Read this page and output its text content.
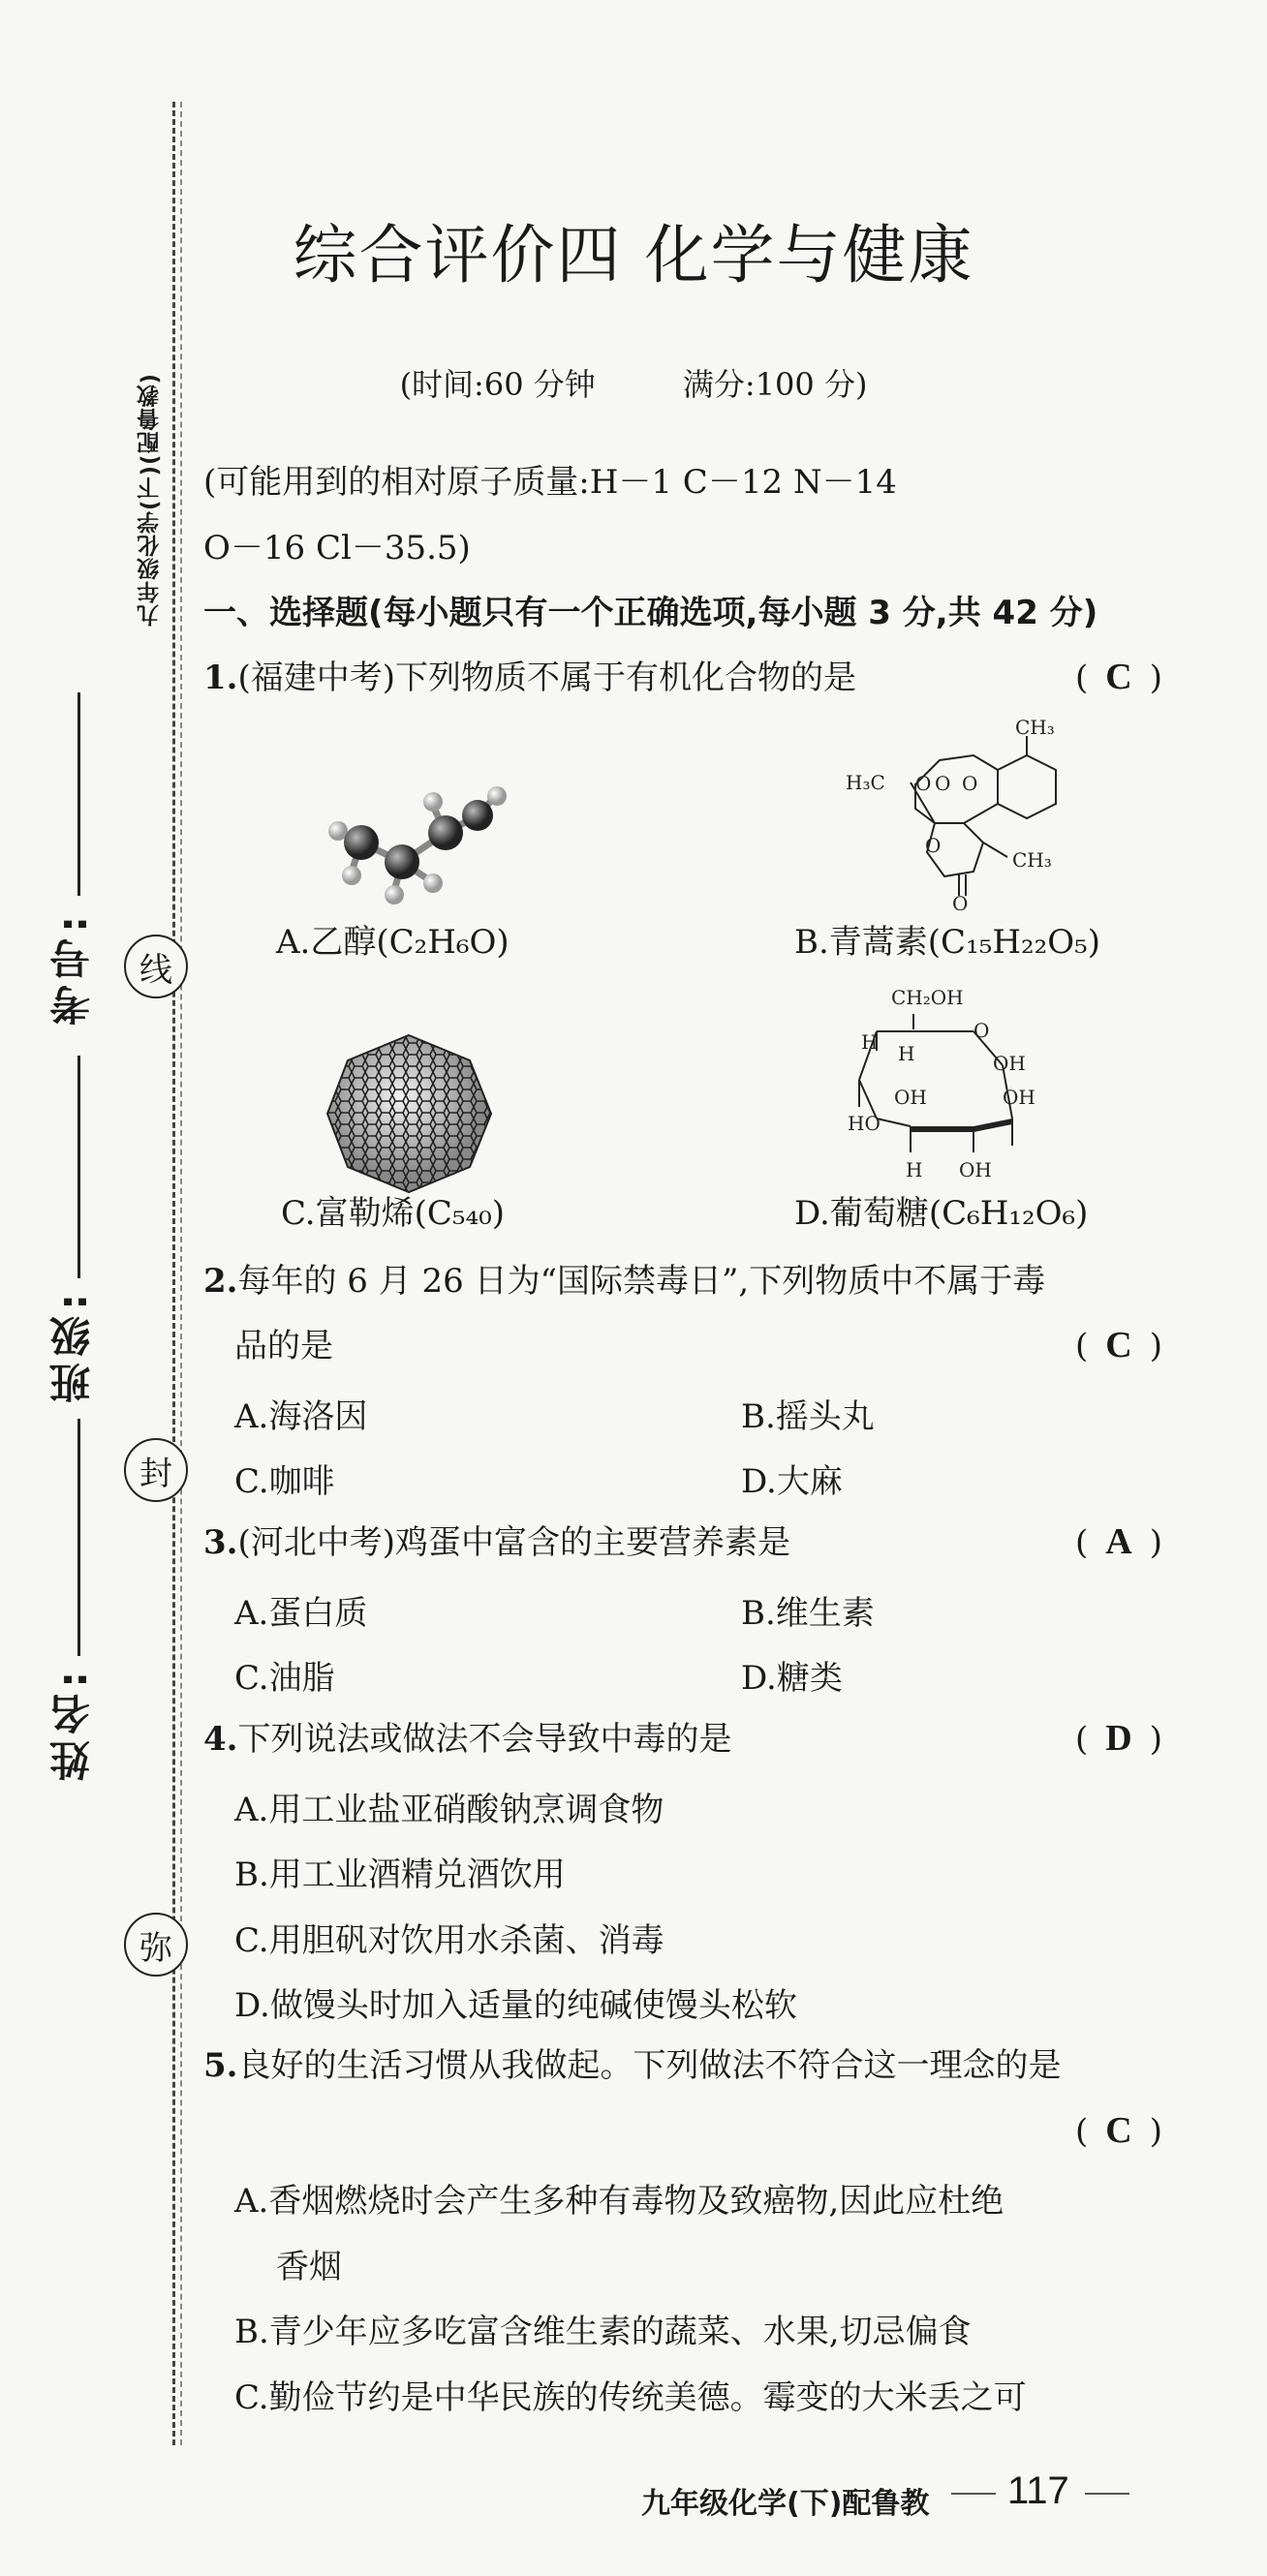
九年级化学(下)(配鲁教)
考号:
班级:
姓名:
线
封
弥
综合评价四 化学与健康
(时间:60 分钟	满分:100 分)
(可能用到的相对原子质量:H－1 C－12 N－14
O－16 Cl－35.5)
一、选择题(每小题只有一个正确选项,每小题 3 分,共 42 分)
1.(福建中考)下列物质不属于有机化合物的是	(C)
A.乙醇(C₂H₆O)
CH₃
H₃C O O O
O
CH₃
O
B.青蒿素(C₁₅H₂₂O₅)
C.富勒烯(C₅₄₀)
CH₂OH
O
H H	OH
OH
HO
OH
H OH
D.葡萄糖(C₆H₁₂O₆)
2.每年的 6 月 26 日为“国际禁毒日”,下列物质中不属于毒
品的是	(C)
A.海洛因	B.摇头丸
C.咖啡	D.大麻
3.(河北中考)鸡蛋中富含的主要营养素是	(A)
A.蛋白质	B.维生素
C.油脂	D.糖类
4.下列说法或做法不会导致中毒的是	(D)
A.用工业盐亚硝酸钠烹调食物
B.用工业酒精兑酒饮用
C.用胆矾对饮用水杀菌、消毒
D.做馒头时加入适量的纯碱使馒头松软
5.良好的生活习惯从我做起。下列做法不符合这一理念的是
(C)
A.香烟燃烧时会产生多种有毒物及致癌物,因此应杜绝
香烟
B.青少年应多吃富含维生素的蔬菜、水果,切忌偏食
C.勤俭节约是中华民族的传统美德。霉变的大米丢之可
九年级化学(下)配鲁教 117
